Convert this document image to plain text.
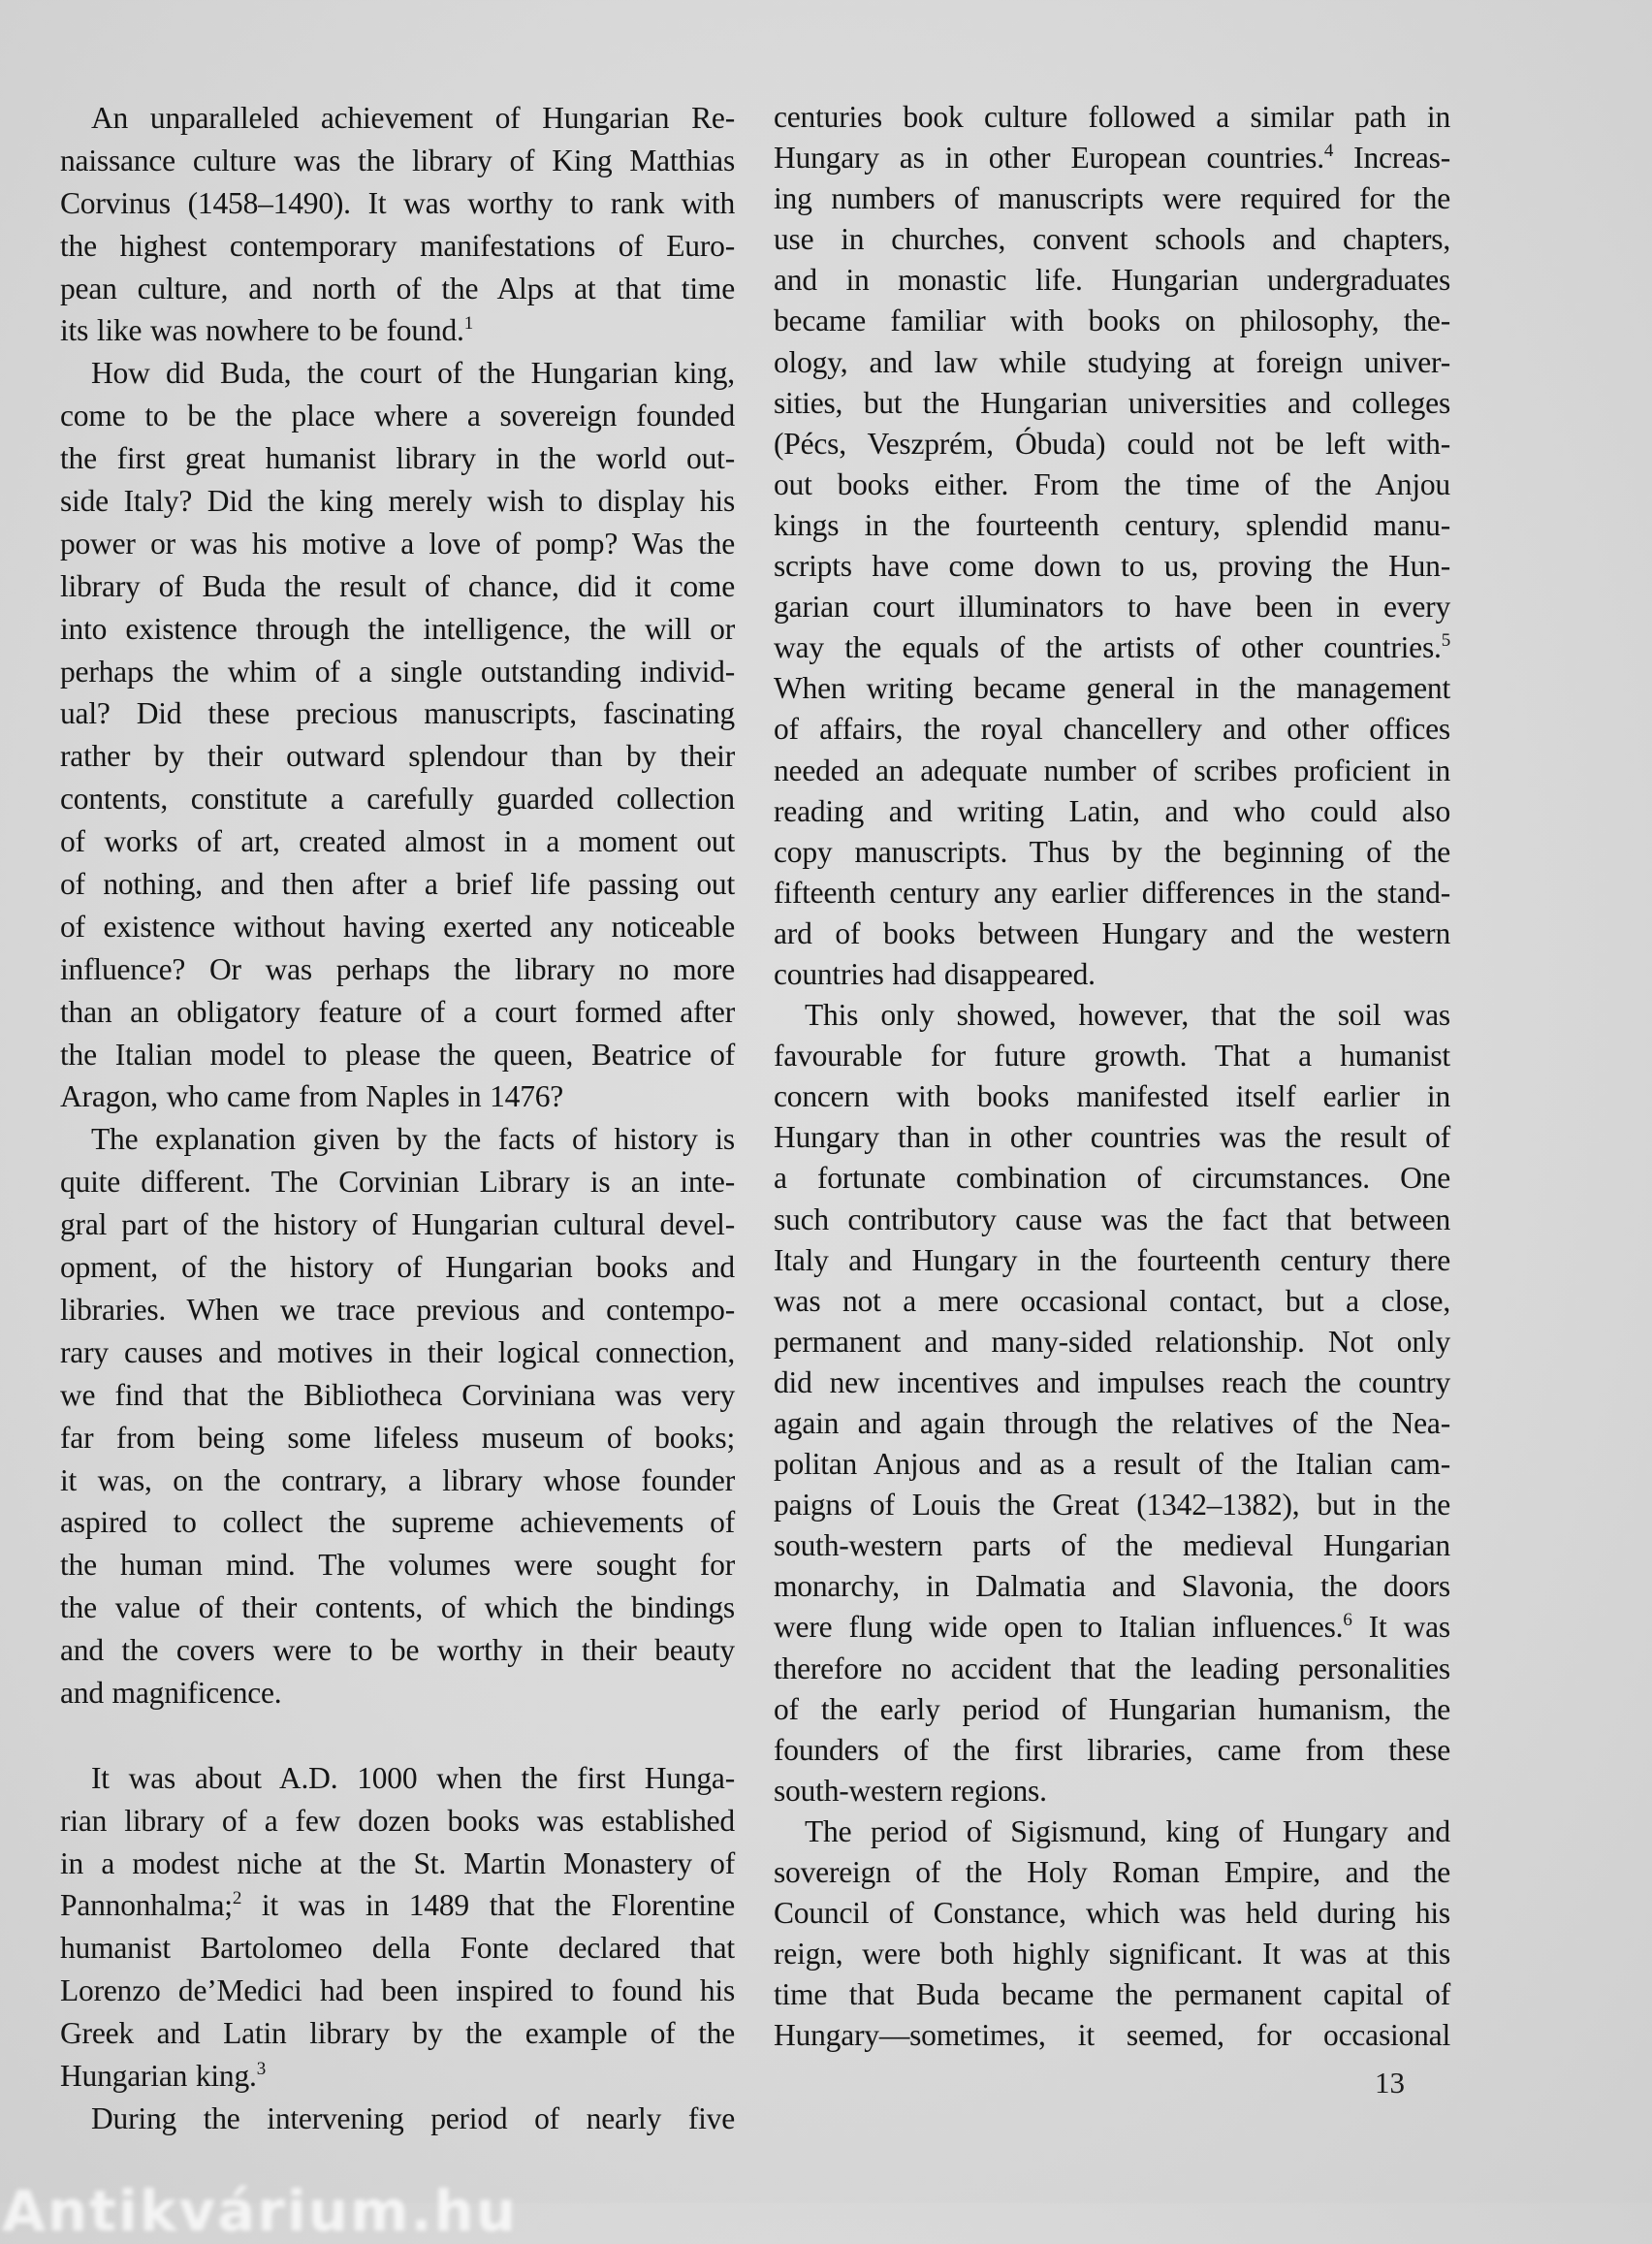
An unparalleled achievement of Hungarian Re-
naissance culture was the library of King Matthias
Corvinus (1458–1490). It was worthy to rank with
the highest contemporary manifestations of Euro-
pean culture, and north of the Alps at that time
its like was nowhere to be found.$^1$
How did Buda, the court of the Hungarian king,
come to be the place where a sovereign founded
the first great humanist library in the world out-
side Italy? Did the king merely wish to display his
power or was his motive a love of pomp? Was the
library of Buda the result of chance, did it come
into existence through the intelligence, the will or
perhaps the whim of a single outstanding individ-
ual? Did these precious manuscripts, fascinating
rather by their outward splendour than by their
contents, constitute a carefully guarded collection
of works of art, created almost in a moment out
of nothing, and then after a brief life passing out
of existence without having exerted any noticeable
influence? Or was perhaps the library no more
than an obligatory feature of a court formed after
the Italian model to please the queen, Beatrice of
Aragon, who came from Naples in 1476?
The explanation given by the facts of history is
quite different. The Corvinian Library is an inte-
gral part of the history of Hungarian cultural devel-
opment, of the history of Hungarian books and
libraries. When we trace previous and contempo-
rary causes and motives in their logical connection,
we find that the Bibliotheca Corviniana was very
far from being some lifeless museum of books;
it was, on the contrary, a library whose founder
aspired to collect the supreme achievements of
the human mind. The volumes were sought for
the value of their contents, of which the bindings
and the covers were to be worthy in their beauty
and magnificence.
It was about A.D. 1000 when the first Hunga-
rian library of a few dozen books was established
in a modest niche at the St. Martin Monastery of
Pannonhalma;$^2$ it was in 1489 that the Florentine
humanist Bartolomeo della Fonte declared that
Lorenzo de’Medici had been inspired to found his
Greek and Latin library by the example of the
Hungarian king.$^3$
During the intervening period of nearly five
centuries book culture followed a similar path in
Hungary as in other European countries.$^4$ Increas-
ing numbers of manuscripts were required for the
use in churches, convent schools and chapters,
and in monastic life. Hungarian undergraduates
became familiar with books on philosophy, the-
ology, and law while studying at foreign univer-
sities, but the Hungarian universities and colleges
(Pécs, Veszprém, Óbuda) could not be left with-
out books either. From the time of the Anjou
kings in the fourteenth century, splendid manu-
scripts have come down to us, proving the Hun-
garian court illuminators to have been in every
way the equals of the artists of other countries.$^5$
When writing became general in the management
of affairs, the royal chancellery and other offices
needed an adequate number of scribes proficient in
reading and writing Latin, and who could also
copy manuscripts. Thus by the beginning of the
fifteenth century any earlier differences in the stand-
ard of books between Hungary and the western
countries had disappeared.
This only showed, however, that the soil was
favourable for future growth. That a humanist
concern with books manifested itself earlier in
Hungary than in other countries was the result of
a fortunate combination of circumstances. One
such contributory cause was the fact that between
Italy and Hungary in the fourteenth century there
was not a mere occasional contact, but a close,
permanent and many-sided relationship. Not only
did new incentives and impulses reach the country
again and again through the relatives of the Nea-
politan Anjous and as a result of the Italian cam-
paigns of Louis the Great (1342–1382), but in the
south-western parts of the medieval Hungarian
monarchy, in Dalmatia and Slavonia, the doors
were flung wide open to Italian influences.$^6$ It was
therefore no accident that the leading personalities
of the early period of Hungarian humanism, the
founders of the first libraries, came from these
south-western regions.
The period of Sigismund, king of Hungary and
sovereign of the Holy Roman Empire, and the
Council of Constance, which was held during his
reign, were both highly significant. It was at this
time that Buda became the permanent capital of
Hungary—sometimes, it seemed, for occasional
13
Antikvárium.hu
